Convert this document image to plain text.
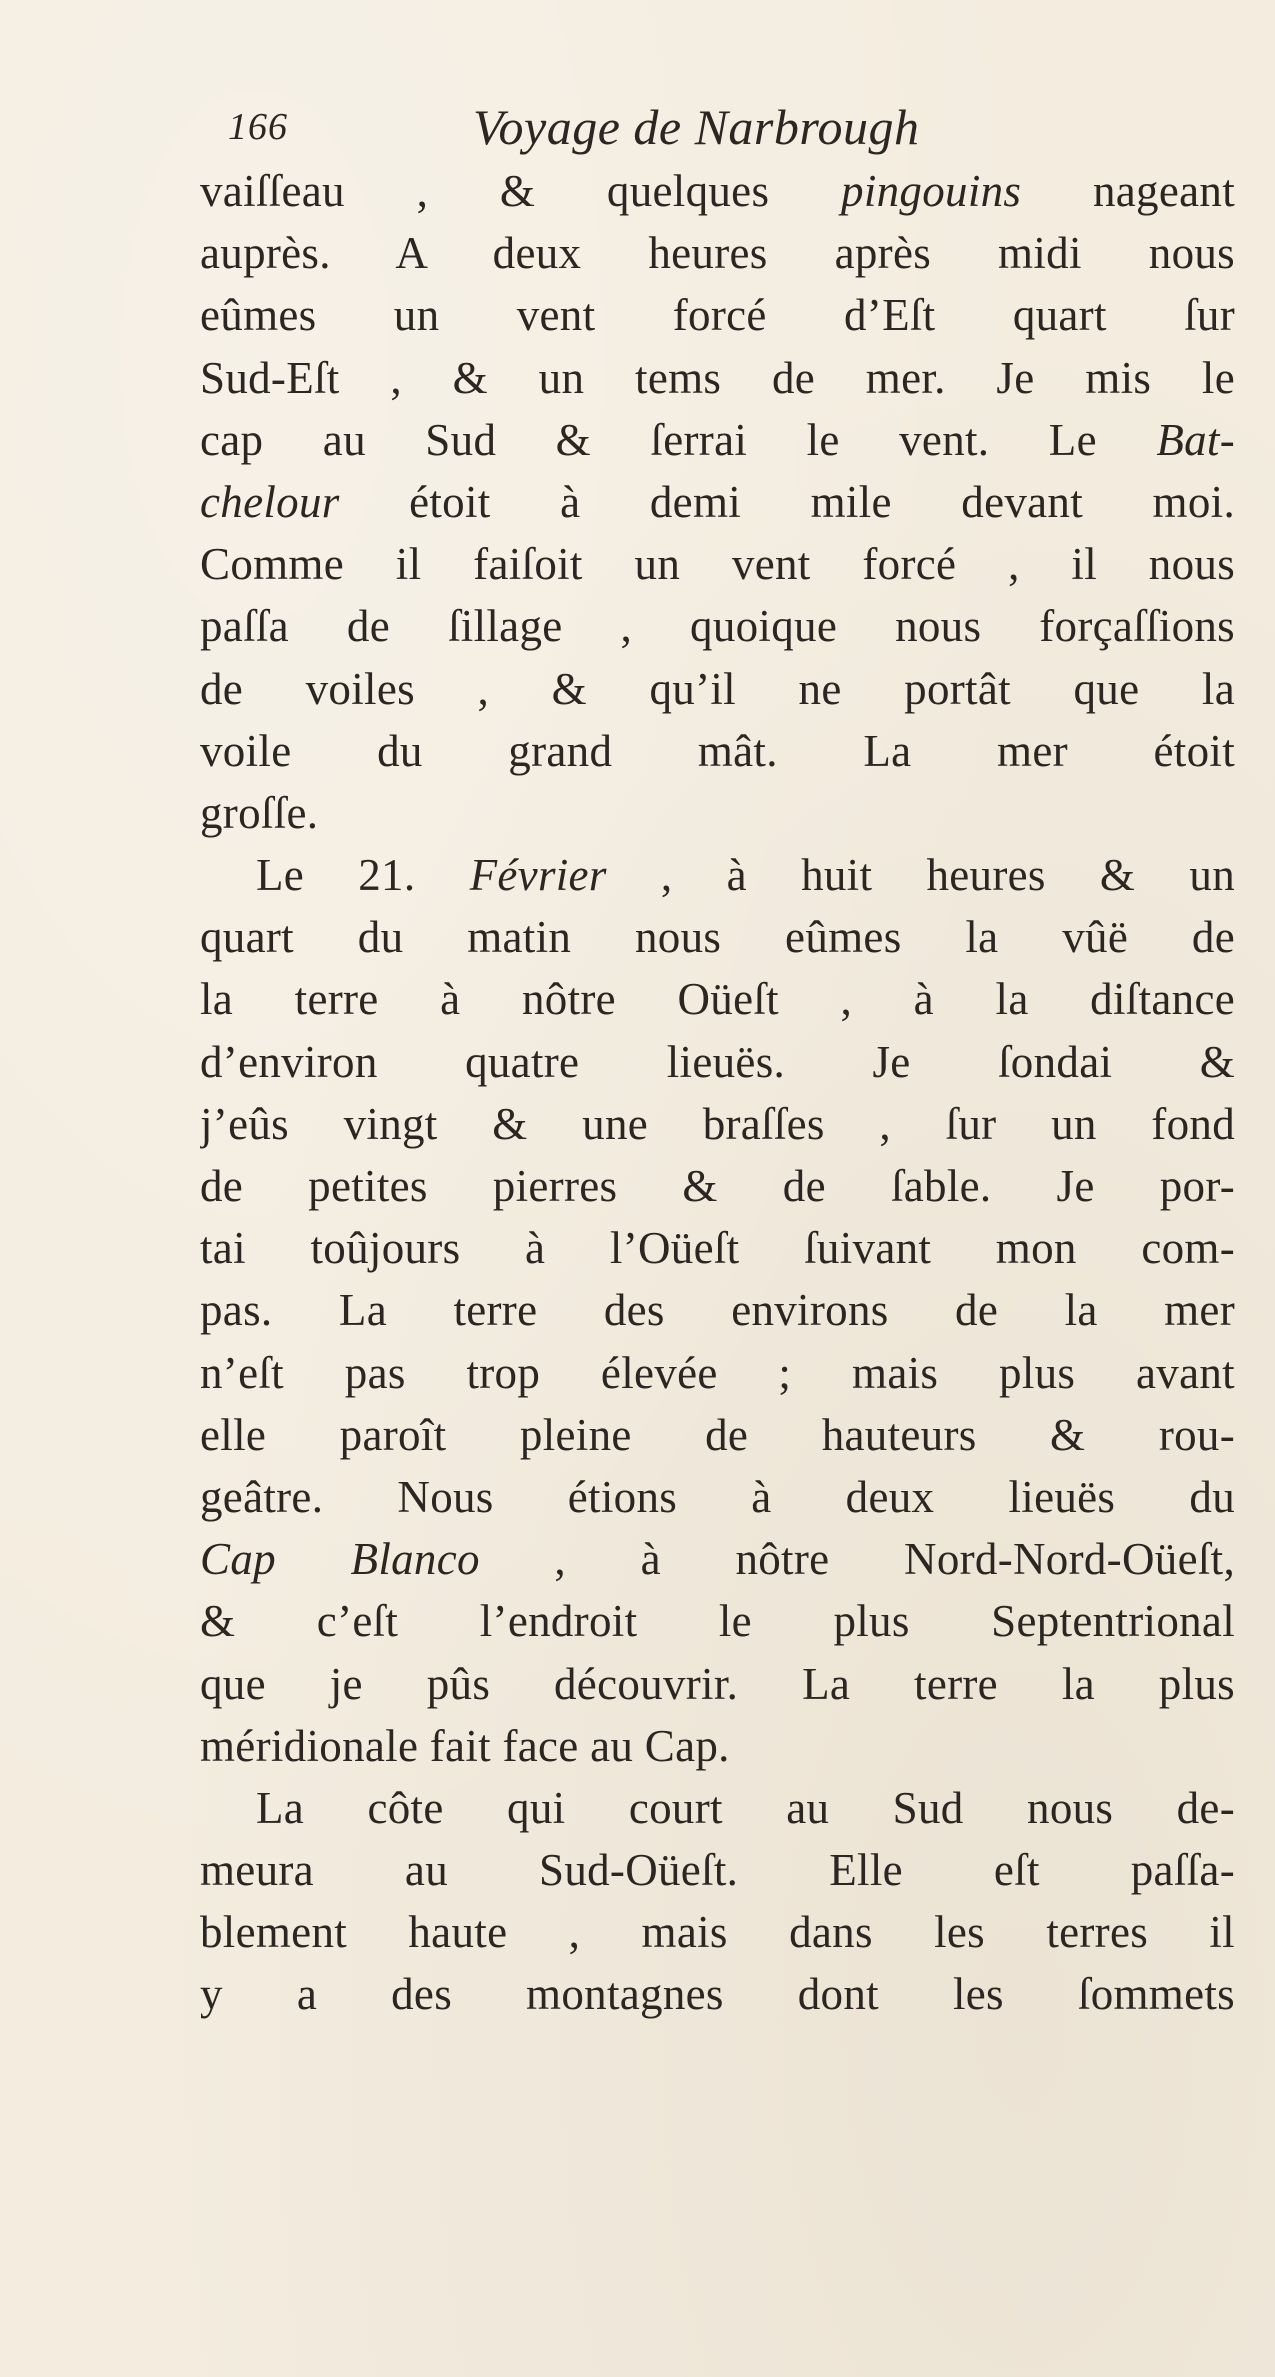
166	Voyage de Narbrough
vaiſſeau , & quelques pingouins nageant
auprès. A deux heures après midi nous
eûmes un vent forcé d’Eſt quart ſur
Sud-Eſt , & un tems de mer. Je mis le
cap au Sud & ſerrai le vent. Le Bat-
chelour étoit à demi mile devant moi.
Comme il faiſoit un vent forcé , il nous
paſſa de ſillage , quoique nous forçaſſions
de voiles , & qu’il ne portât que la
voile du grand mât. La mer étoit
groſſe.
Le 21. Février , à huit heures & un
quart du matin nous eûmes la vûë de
la terre à nôtre Oüeſt , à la diſtance
d’environ quatre lieuës. Je ſondai &
j’eûs vingt & une braſſes , ſur un fond
de petites pierres & de ſable. Je por-
tai toûjours à l’Oüeſt ſuivant mon com-
pas. La terre des environs de la mer
n’eſt pas trop élevée ; mais plus avant
elle paroît pleine de hauteurs & rou-
geâtre. Nous étions à deux lieuës du
Cap Blanco , à nôtre Nord-Nord-Oüeſt,
& c’eſt l’endroit le plus Septentrional
que je pûs découvrir. La terre la plus
méridionale fait face au Cap.
La côte qui court au Sud nous de-
meura au Sud-Oüeſt. Elle eſt paſſa-
blement haute , mais dans les terres il
y a des montagnes dont les ſommets
